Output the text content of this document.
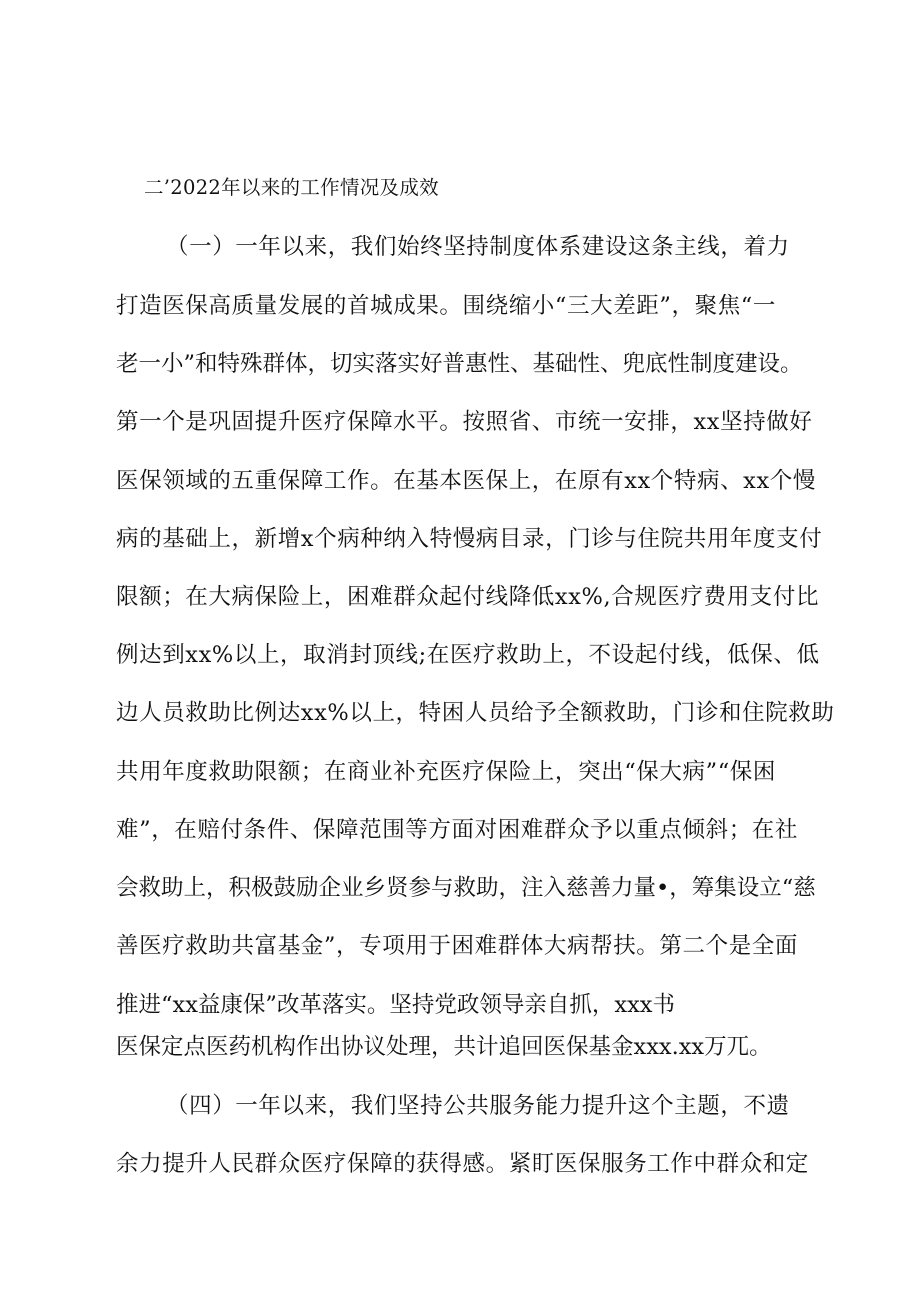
二’2022年以来的工作情况及成效
（一）一年以来，我们始终坚持制度体系建设这条主线，着力
打造医保高质量发展的首城成果。围绕缩小“三大差距”，聚焦“一
老一小”和特殊群体，切实落实好普惠性、基础性、兜底性制度建设。
第一个是巩固提升医疗保障水平。按照省、市统一安排，xx坚持做好
医保领域的五重保障工作。在基本医保上，在原有xx个特病、xx个慢
病的基础上，新增x个病种纳入特慢病目录，门诊与住院共用年度支付
限额；在大病保险上，困难群众起付线降低xx%,合规医疗费用支付比
例达到xx%以上，取消封顶线;在医疗救助上，不设起付线，低保、低
边人员救助比例达xx%以上，特困人员给予全额救助，门诊和住院救助
共用年度救助限额；在商业补充医疗保险上，突出“保大病”“保困
难”，在赔付条件、保障范围等方面对困难群众予以重点倾斜；在社
会救助上，积极鼓励企业乡贤参与救助，注入慈善力量•，筹集设立“慈
善医疗救助共富基金”，专项用于困难群体大病帮扶。第二个是全面
推进“xx益康保”改革落实。坚持党政领导亲自抓，xxx书
医保定点医药机构作出协议处理，共计追回医保基金xxx.xx万兀。
（四）一年以来，我们坚持公共服务能力提升这个主题，不遗
余力提升人民群众医疗保障的获得感。紧盯医保服务工作中群众和定
